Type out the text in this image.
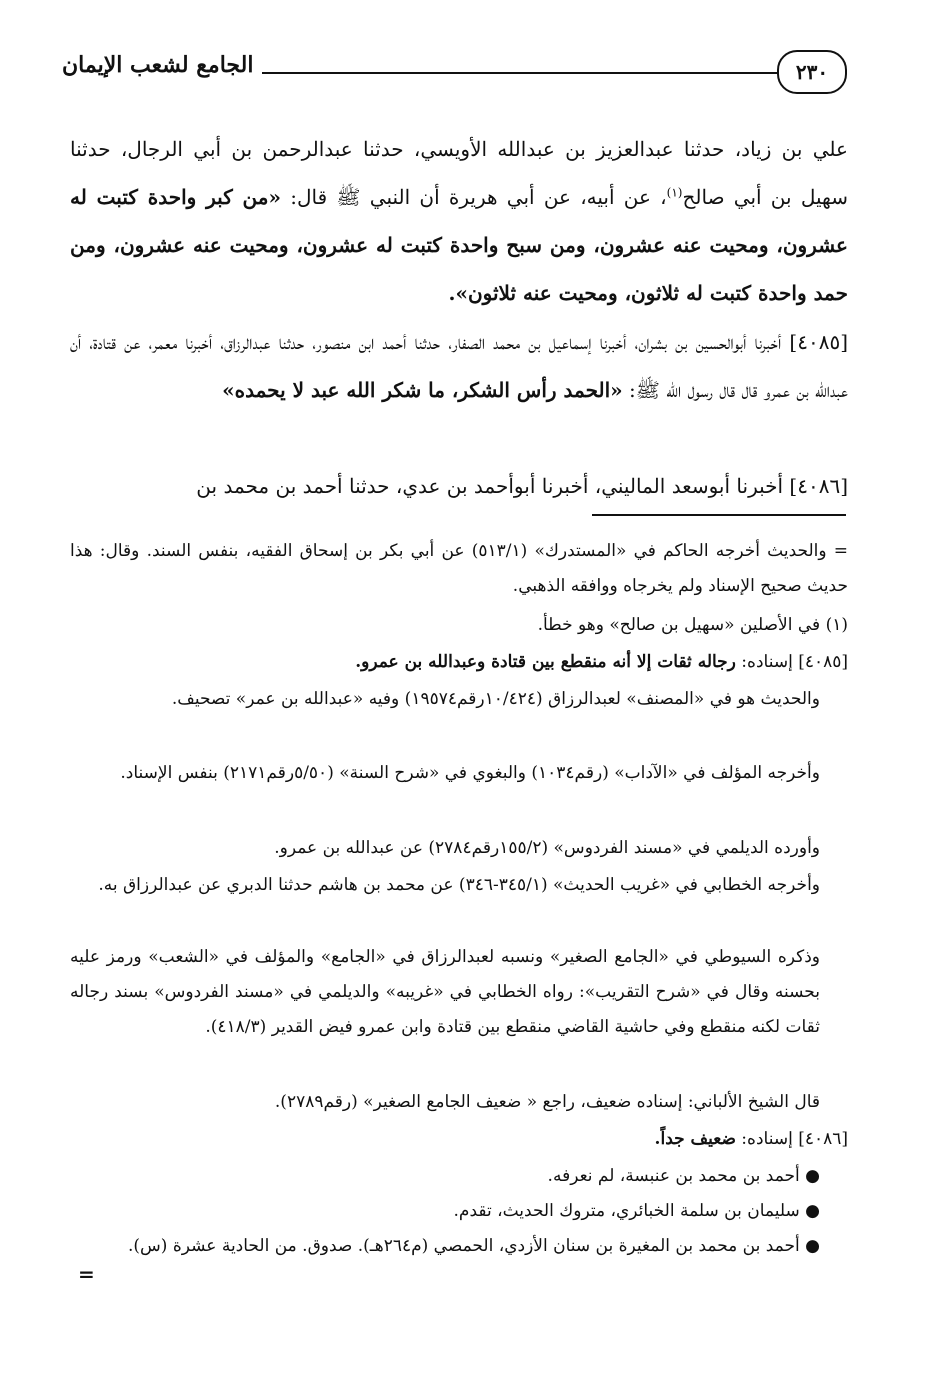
الجامع لشعب الإيمان	٢٣٠
علي بن زياد، حدثنا عبدالعزيز بن عبدالله الأويسي، حدثنا عبدالرحمن بن أبي الرجال، حدثنا سهيل بن أبي صالح$^{(١)}$، عن أبيه، عن أبي هريرة أن النبي ﷺ قال: «من كبر واحدة كتبت له عشرون، ومحيت عنه عشرون، ومن سبح واحدة كتبت له عشرون، ومحيت عنه عشرون، ومن حمد واحدة كتبت له ثلاثون، ومحيت عنه ثلاثون».
[٤٠٨٥] أخبرنا أبوالحسين بن بشران، أخبرنا إسماعيل بن محمد الصفار، حدثنا أحمد ابن منصور، حدثنا عبدالرزاق، أخبرنا معمر، عن قتادة، أن عبدالله بن عمرو قال قال رسول الله ﷺ: «الحمد رأس الشكر، ما شكر الله عبد لا يحمده»
[٤٠٨٦] أخبرنا أبوسعد الماليني، أخبرنا أبوأحمد بن عدي، حدثنا أحمد بن محمد بن
= والحديث أخرجه الحاكم في «المستدرك» (٥١٣/١) عن أبي بكر بن إسحاق الفقيه، بنفس السند. وقال: هذا حديث صحيح الإسناد ولم يخرجاه ووافقه الذهبي.
(١) في الأصلين «سهيل بن صالح» وهو خطأ.
[٤٠٨٥] إسناده: رجاله ثقات إلا أنه منقطع بين قتادة وعبدالله بن عمرو.
والحديث هو في «المصنف» لعبدالرزاق (١٠/٤٢٤رقم١٩٥٧٤) وفيه «عبدالله بن عمر» تصحيف.
وأخرجه المؤلف في «الآداب» (رقم١٠٣٤) والبغوي في «شرح السنة» (٥/٥٠رقم٢١٧١) بنفس الإسناد.
وأورده الديلمي في «مسند الفردوس» (١٥٥/٢رقم٢٧٨٤) عن عبدالله بن عمرو.
وأخرجه الخطابي في «غريب الحديث» (٣٤٥/١-٣٤٦) عن محمد بن هاشم حدثنا الدبري عن عبدالرزاق به.
وذكره السيوطي في «الجامع الصغير» ونسبه لعبدالرزاق في «الجامع» والمؤلف في «الشعب» ورمز عليه بحسنه وقال في «شرح التقريب»: رواه الخطابي في «غريبه» والديلمي في «مسند الفردوس» بسند رجاله ثقات لكنه منقطع وفي حاشية القاضي منقطع بين قتادة وابن عمرو فيض القدير (٤١٨/٣).
قال الشيخ الألباني: إسناده ضعيف، راجع « ضعيف الجامع الصغير» (رقم٢٧٨٩).
[٤٠٨٦] إسناده: ضعيف جداً.
● أحمد بن محمد بن عنبسة، لم نعرفه.
● سليمان بن سلمة الخبائري، متروك الحديث، تقدم.
● أحمد بن محمد بن المغيرة بن سنان الأزدي، الحمصي (م٢٦٤هـ). صدوق. من الحادية عشرة (س).
=
